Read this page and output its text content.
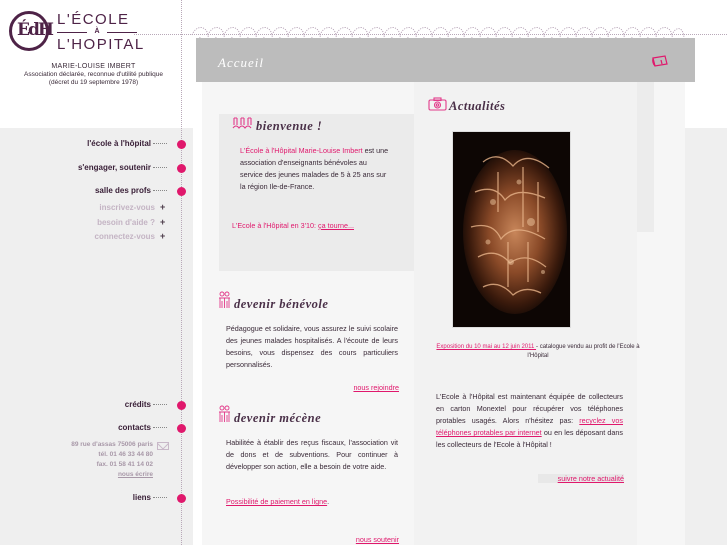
ÉdH
L'ÉCOLE
À
L'HOPITAL
MARIE-LOUISE IMBERT
Association déclarée, reconnue d'utilité publique
(décret du 19 septembre 1978)
Accueil
l'école à l'hôpital
s'engager, soutenir
salle des profs
inscrivez-vous +
besoin d'aide ? +
connectez-vous +
crédits
contacts
89 rue d'assas 75006 paris
tél. 01 46 33 44 80
fax. 01 58 41 14 02
nous écrire
liens
bienvenue !
L'École à l'Hôpital Marie-Louise Imbert est une association d'enseignants bénévoles au service des jeunes malades de 5 à 25 ans sur la région Ile-de-France.
L'Ecole à l'Hôpital en 3'10: ça tourne...
devenir bénévole
Pédagogue et solidaire, vous assurez le suivi scolaire des jeunes malades hospitalisés. A l'écoute de leurs besoins, vous dispensez des cours particuliers personnalisés.
nous rejoindre
devenir mécène
Habilitée à établir des reçus fiscaux, l'association vit de dons et de subventions. Pour continuer à développer son action, elle a besoin de votre aide.
Possibilité de paiement en ligne.
nous soutenir
Actualités
Exposition du 10 mai au 12 juin 2011 - catalogue vendu au profit de l'Ecole à l'Hôpital
L'Ecole à l'Hôpital est maintenant équipée de collecteurs en carton Monextel pour récupérer vos téléphones protables usagés. Alors n'hésitez pas: recyclez vos téléphones protables par internet ou en les déposant dans les collecteurs de l'Ecole à l'Hôpital !
suivre notre actualité
